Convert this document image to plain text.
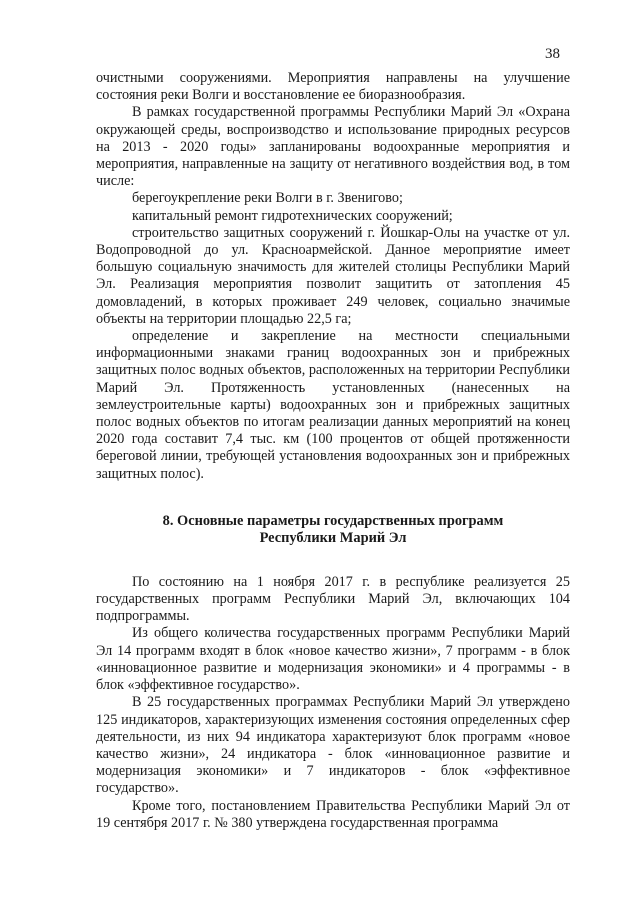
38

очистными сооружениями. Мероприятия направлены на улучшение состояния реки Волги и восстановление ее биоразнообразия.

В рамках государственной программы Республики Марий Эл «Охрана окружающей среды, воспроизводство и использование природных ресурсов на 2013 - 2020 годы» запланированы водоохранные мероприятия и мероприятия, направленные на защиту от негативного воздействия вод, в том числе:

берегоукрепление реки Волги в г. Звенигово;

капитальный ремонт гидротехнических сооружений;

строительство защитных сооружений г. Йошкар-Олы на участке от ул. Водопроводной до ул. Красноармейской. Данное мероприятие имеет большую социальную значимость для жителей столицы Республики Марий Эл. Реализация мероприятия позволит защитить от затопления 45 домовладений, в которых проживает 249 человек, социально значимые объекты на территории площадью 22,5 га;

определение и закрепление на местности специальными информационными знаками границ водоохранных зон и прибрежных защитных полос водных объектов, расположенных на территории Республики Марий Эл. Протяженность установленных (нанесенных на землеустроительные карты) водоохранных зон и прибрежных защитных полос водных объектов по итогам реализации данных мероприятий на конец 2020 года составит 7,4 тыс. км (100 процентов от общей протяженности береговой линии, требующей установления водоохранных зон и прибрежных защитных полос).

8. Основные параметры государственных программ
Республики Марий Эл

По состоянию на 1 ноября 2017 г. в республике реализуется 25 государственных программ Республики Марий Эл, включающих 104 подпрограммы.

Из общего количества государственных программ Республики Марий Эл 14 программ входят в блок «новое качество жизни», 7 программ - в блок «инновационное развитие и модернизация экономики» и 4 программы - в блок «эффективное государство».

В 25 государственных программах Республики Марий Эл утверждено 125 индикаторов, характеризующих изменения состояния определенных сфер деятельности, из них 94 индикатора характеризуют блок программ «новое качество жизни», 24 индикатора - блок «инновационное развитие и модернизация экономики» и 7 индикаторов - блок «эффективное государство».

Кроме того, постановлением Правительства Республики Марий Эл от 19 сентября 2017 г. № 380 утверждена государственная программа
